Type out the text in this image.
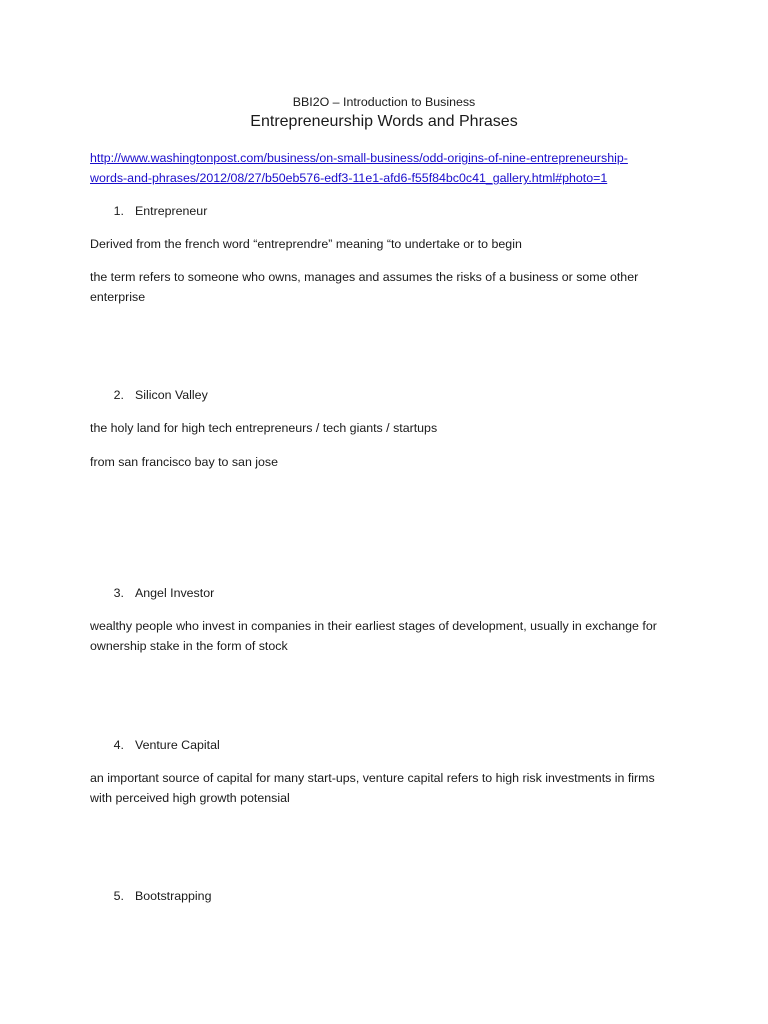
BBI2O – Introduction to Business
Entrepreneurship Words and Phrases
http://www.washingtonpost.com/business/on-small-business/odd-origins-of-nine-entrepreneurship-
words-and-phrases/2012/08/27/b50eb576-edf3-11e1-afd6-f55f84bc0c41_gallery.html#photo=1
1. Entrepreneur
Derived from the french word “entreprendre” meaning “to undertake or to begin
the term refers to someone who owns, manages and assumes the risks of a business or some other
enterprise
2. Silicon Valley
the holy land for high tech entrepreneurs / tech giants / startups
from san francisco bay to san jose
3. Angel Investor
wealthy people who invest in companies in their earliest stages of development, usually in exchange for
ownership stake in the form of stock
4. Venture Capital
an important source of capital for many start-ups, venture capital refers to high risk investments in firms
with perceived high growth potensial
5. Bootstrapping
